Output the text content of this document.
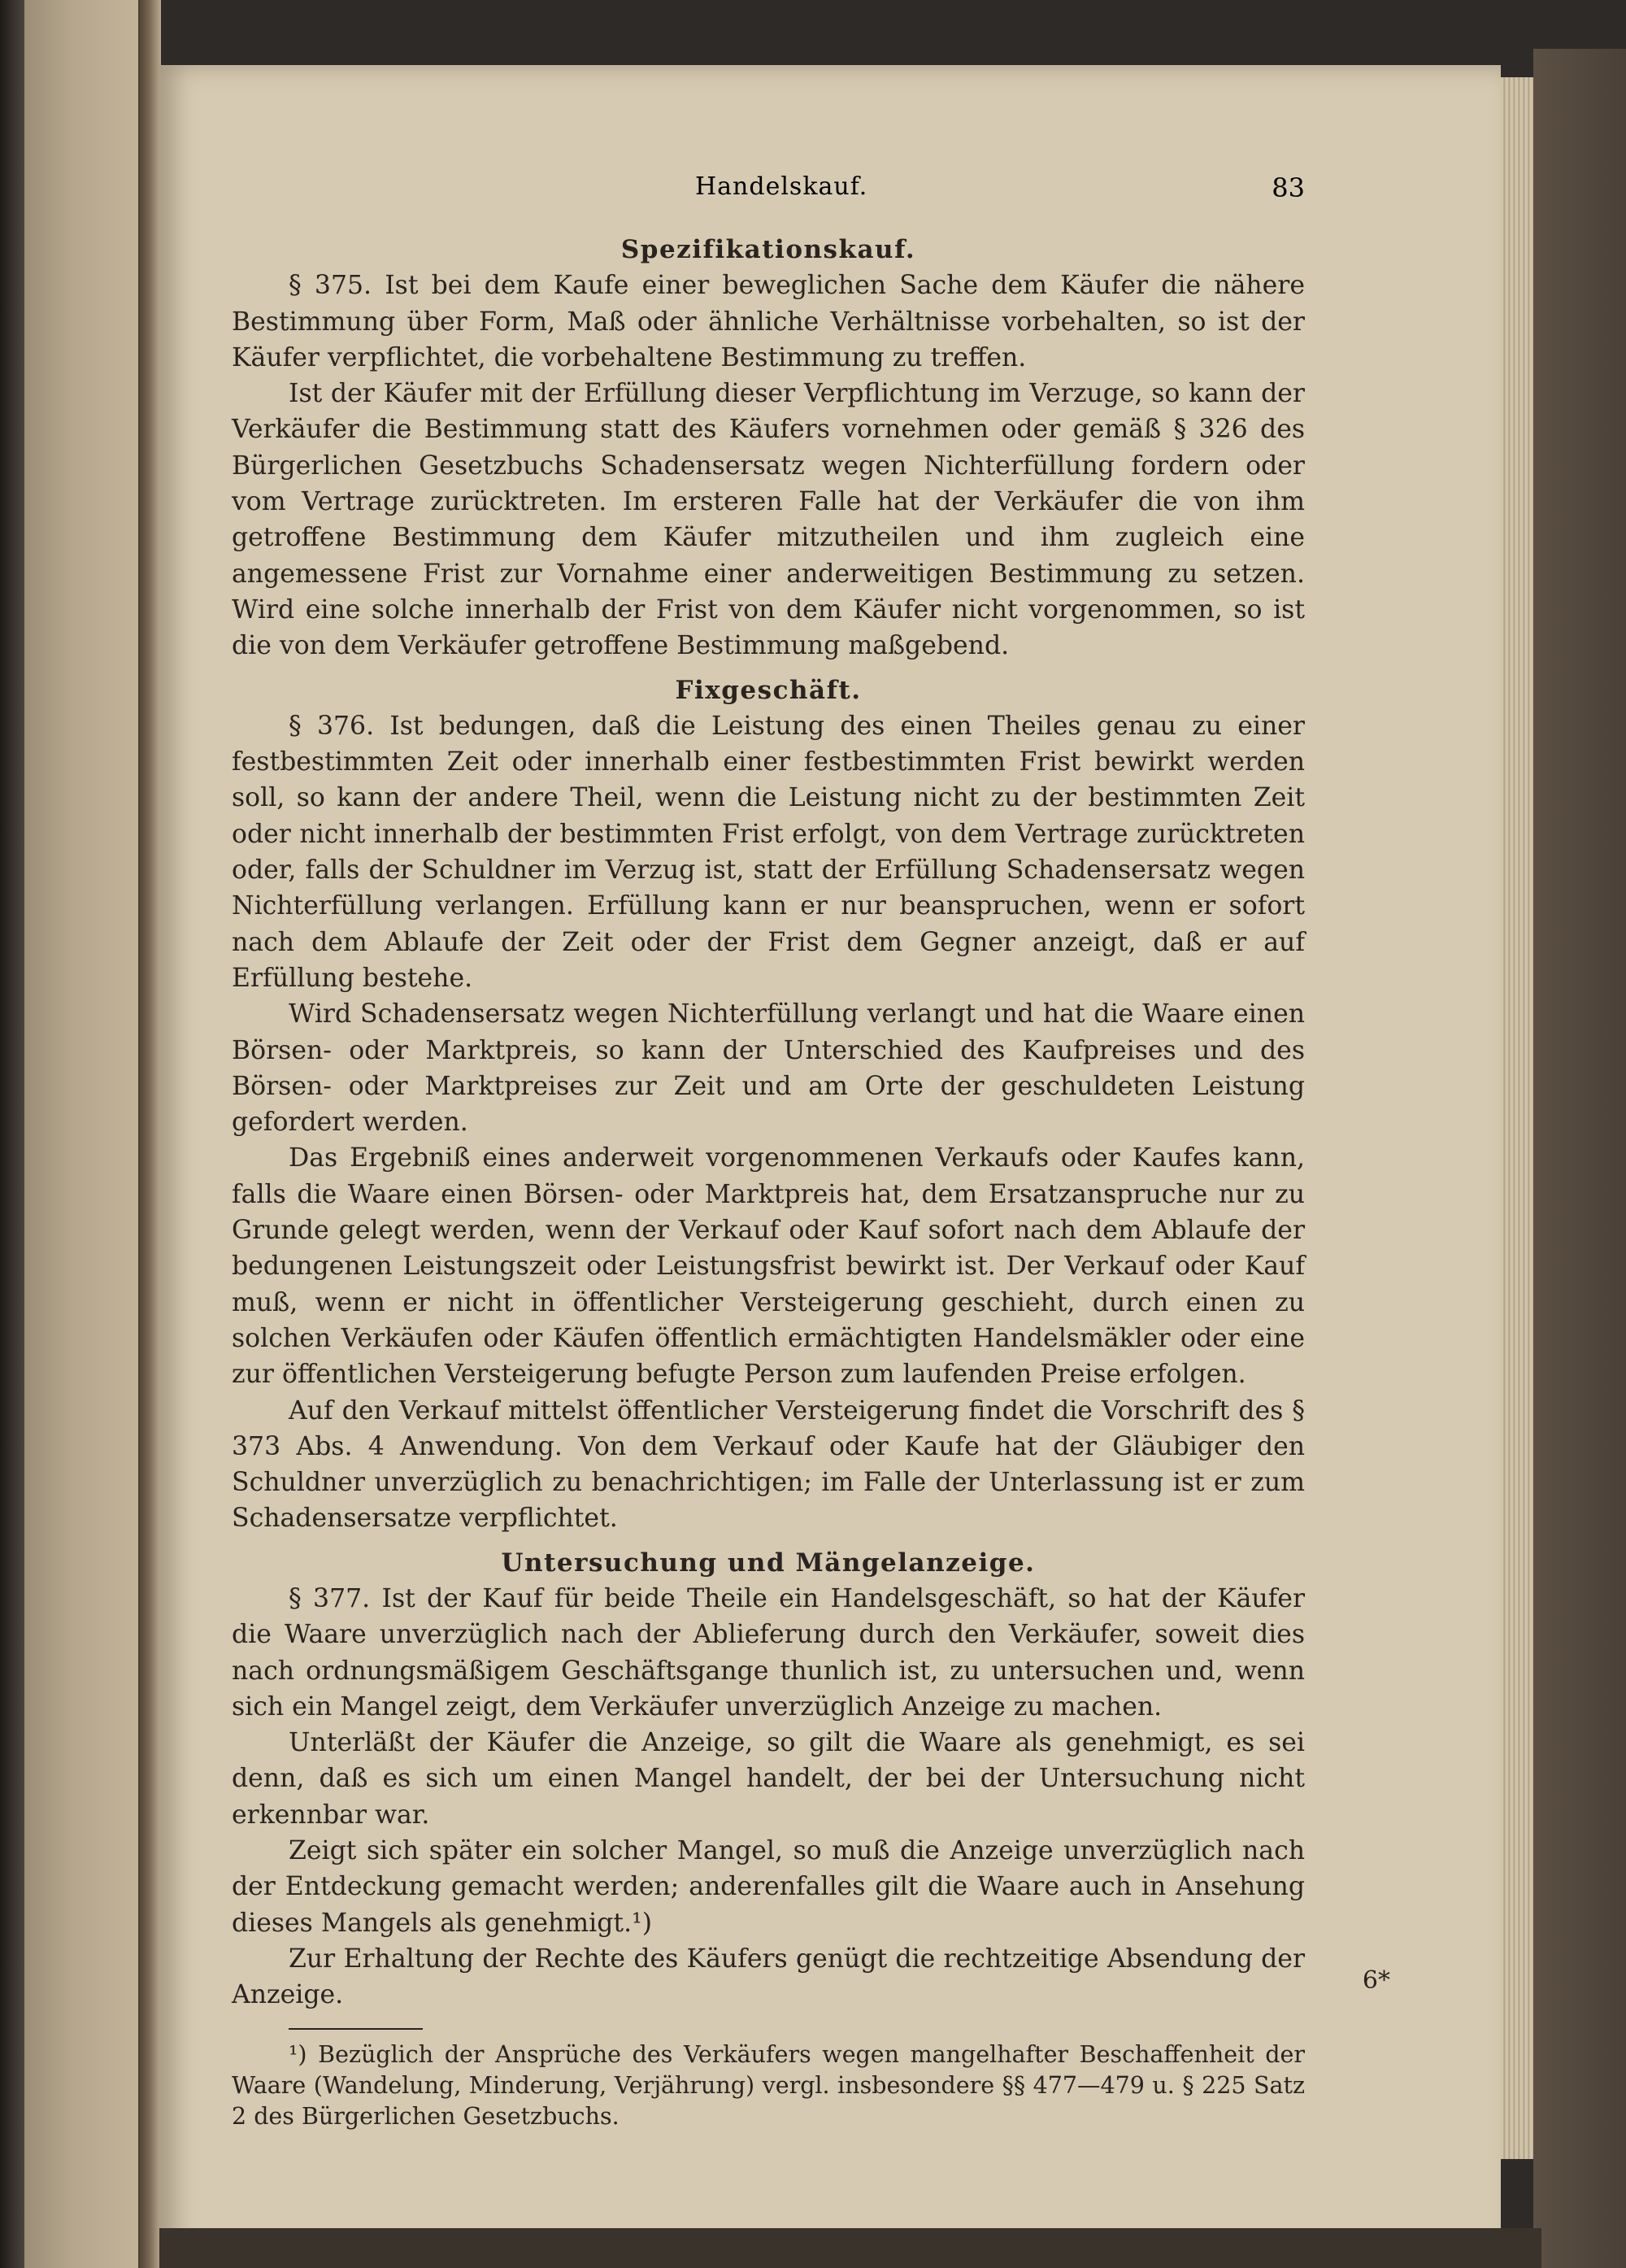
Handelskauf.	83
Spezifikationskauf.

§ 375. Ist bei dem Kaufe einer beweglichen Sache dem Käufer die nähere Bestimmung über Form, Maß oder ähnliche Verhältnisse vorbehalten, so ist der Käufer verpflichtet, die vorbehaltene Bestimmung zu treffen.

Ist der Käufer mit der Erfüllung dieser Verpflichtung im Verzuge, so kann der Verkäufer die Bestimmung statt des Käufers vornehmen oder gemäß § 326 des Bürgerlichen Gesetzbuchs Schadensersatz wegen Nichterfüllung fordern oder vom Vertrage zurücktreten. Im ersteren Falle hat der Verkäufer die von ihm getroffene Bestimmung dem Käufer mitzutheilen und ihm zugleich eine angemessene Frist zur Vornahme einer anderweitigen Bestimmung zu setzen. Wird eine solche innerhalb der Frist von dem Käufer nicht vorgenommen, so ist die von dem Verkäufer getroffene Bestimmung maßgebend.

Fixgeschäft.

§ 376. Ist bedungen, daß die Leistung des einen Theiles genau zu einer festbestimmten Zeit oder innerhalb einer festbestimmten Frist bewirkt werden soll, so kann der andere Theil, wenn die Leistung nicht zu der bestimmten Zeit oder nicht innerhalb der bestimmten Frist erfolgt, von dem Vertrage zurücktreten oder, falls der Schuldner im Verzug ist, statt der Erfüllung Schadensersatz wegen Nichterfüllung verlangen. Erfüllung kann er nur beanspruchen, wenn er sofort nach dem Ablaufe der Zeit oder der Frist dem Gegner anzeigt, daß er auf Erfüllung bestehe.

Wird Schadensersatz wegen Nichterfüllung verlangt und hat die Waare einen Börsen- oder Marktpreis, so kann der Unterschied des Kaufpreises und des Börsen- oder Marktpreises zur Zeit und am Orte der geschuldeten Leistung gefordert werden.

Das Ergebniß eines anderweit vorgenommenen Verkaufs oder Kaufes kann, falls die Waare einen Börsen- oder Marktpreis hat, dem Ersatzanspruche nur zu Grunde gelegt werden, wenn der Verkauf oder Kauf sofort nach dem Ablaufe der bedungenen Leistungszeit oder Leistungsfrist bewirkt ist. Der Verkauf oder Kauf muß, wenn er nicht in öffentlicher Versteigerung geschieht, durch einen zu solchen Verkäufen oder Käufen öffentlich ermächtigten Handelsmäkler oder eine zur öffentlichen Versteigerung befugte Person zum laufenden Preise erfolgen.

Auf den Verkauf mittelst öffentlicher Versteigerung findet die Vorschrift des § 373 Abs. 4 Anwendung. Von dem Verkauf oder Kaufe hat der Gläubiger den Schuldner unverzüglich zu benachrichtigen; im Falle der Unterlassung ist er zum Schadensersatze verpflichtet.

Untersuchung und Mängelanzeige.

§ 377. Ist der Kauf für beide Theile ein Handelsgeschäft, so hat der Käufer die Waare unverzüglich nach der Ablieferung durch den Verkäufer, soweit dies nach ordnungsmäßigem Geschäftsgange thunlich ist, zu untersuchen und, wenn sich ein Mangel zeigt, dem Verkäufer unverzüglich Anzeige zu machen.

Unterläßt der Käufer die Anzeige, so gilt die Waare als genehmigt, es sei denn, daß es sich um einen Mangel handelt, der bei der Untersuchung nicht erkennbar war.

Zeigt sich später ein solcher Mangel, so muß die Anzeige unverzüglich nach der Entdeckung gemacht werden; anderenfalles gilt die Waare auch in Ansehung dieses Mangels als genehmigt.¹)

Zur Erhaltung der Rechte des Käufers genügt die rechtzeitige Absendung der Anzeige.

¹) Bezüglich der Ansprüche des Verkäufers wegen mangelhafter Beschaffenheit der Waare (Wandelung, Minderung, Verjährung) vergl. insbesondere §§ 477—479 u. § 225 Satz 2 des Bürgerlichen Gesetzbuchs.

6*
